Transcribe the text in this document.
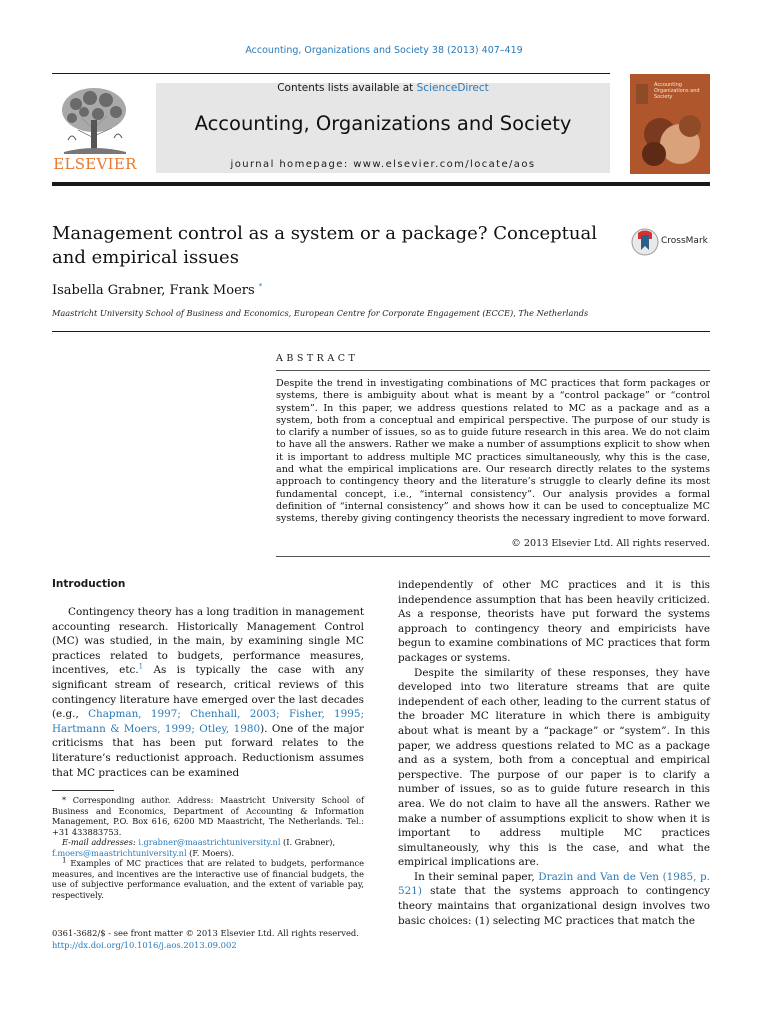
Accounting, Organizations and Society 38 (2013) 407–419
ELSEVIER
Contents lists available at ScienceDirect
Accounting, Organizations and Society
journal homepage: www.elsevier.com/locate/aos
Accounting Organizations and Society
Management control as a system or a package? Conceptual and empirical issues
CrossMark
Isabella Grabner, Frank Moers *
Maastricht University School of Business and Economics, European Centre for Corporate Engagement (ECCE), The Netherlands
ABSTRACT
Despite the trend in investigating combinations of MC practices that form packages or systems, there is ambiguity about what is meant by a “control package” or “control system”. In this paper, we address questions related to MC as a package and as a system, both from a conceptual and empirical perspective. The purpose of our study is to clarify a number of issues, so as to guide future research in this area. We do not claim to have all the answers. Rather we make a number of assumptions explicit to show when it is important to address multiple MC practices simultaneously, why this is the case, and what the empirical implications are. Our research directly relates to the systems approach to contingency theory and the literature’s struggle to clearly define its most fundamental concept, i.e., “internal consistency”. Our analysis provides a formal definition of “internal consistency” and shows how it can be used to conceptualize MC systems, thereby giving contingency theorists the necessary ingredient to move forward.
© 2013 Elsevier Ltd. All rights reserved.
Introduction

Contingency theory has a long tradition in management accounting research. Historically Management Control (MC) was studied, in the main, by examining single MC practices related to budgets, performance measures, incentives, etc.$^1$ As is typically the case with any significant stream of research, critical reviews of this contingency literature have emerged over the last decades (e.g., Chapman, 1997; Chenhall, 2003; Fisher, 1995; Hartmann & Moers, 1999; Otley, 1980). One of the major criticisms that has been put forward relates to the literature’s reductionist approach. Reductionism assumes that MC practices can be examined

independently of other MC practices and it is this independence assumption that has been heavily criticized. As a response, theorists have put forward the systems approach to contingency theory and empiricists have begun to examine combinations of MC practices that form packages or systems.

Despite the similarity of these responses, they have developed into two literature streams that are quite independent of each other, leading to the current status of the broader MC literature in which there is ambiguity about what is meant by a “package” or “system”. In this paper, we address questions related to MC as a package and as a system, both from a conceptual and empirical perspective. The purpose of our paper is to clarify a number of issues, so as to guide future research in this area. We do not claim to have all the answers. Rather we make a number of assumptions explicit to show when it is important to address multiple MC practices simultaneously, why this is the case, and what the empirical implications are.

In their seminal paper, Drazin and Van de Ven (1985, p. 521) state that the systems approach to contingency theory maintains that organizational design involves two basic choices: (1) selecting MC practices that match the

* Corresponding author. Address: Maastricht University School of Business and Economics, Department of Accounting & Information Management, P.O. Box 616, 6200 MD Maastricht, The Netherlands. Tel.: +31 433883753.

E-mail addresses: i.grabner@maastrichtuniversity.nl (I. Grabner),
f.moers@maastrichtuniversity.nl (F. Moers).

$^1$ Examples of MC practices that are related to budgets, performance measures, and incentives are the interactive use of financial budgets, the use of subjective performance evaluation, and the extent of variable pay, respectively.

0361-3682/$ - see front matter © 2013 Elsevier Ltd. All rights reserved.
http://dx.doi.org/10.1016/j.aos.2013.09.002
